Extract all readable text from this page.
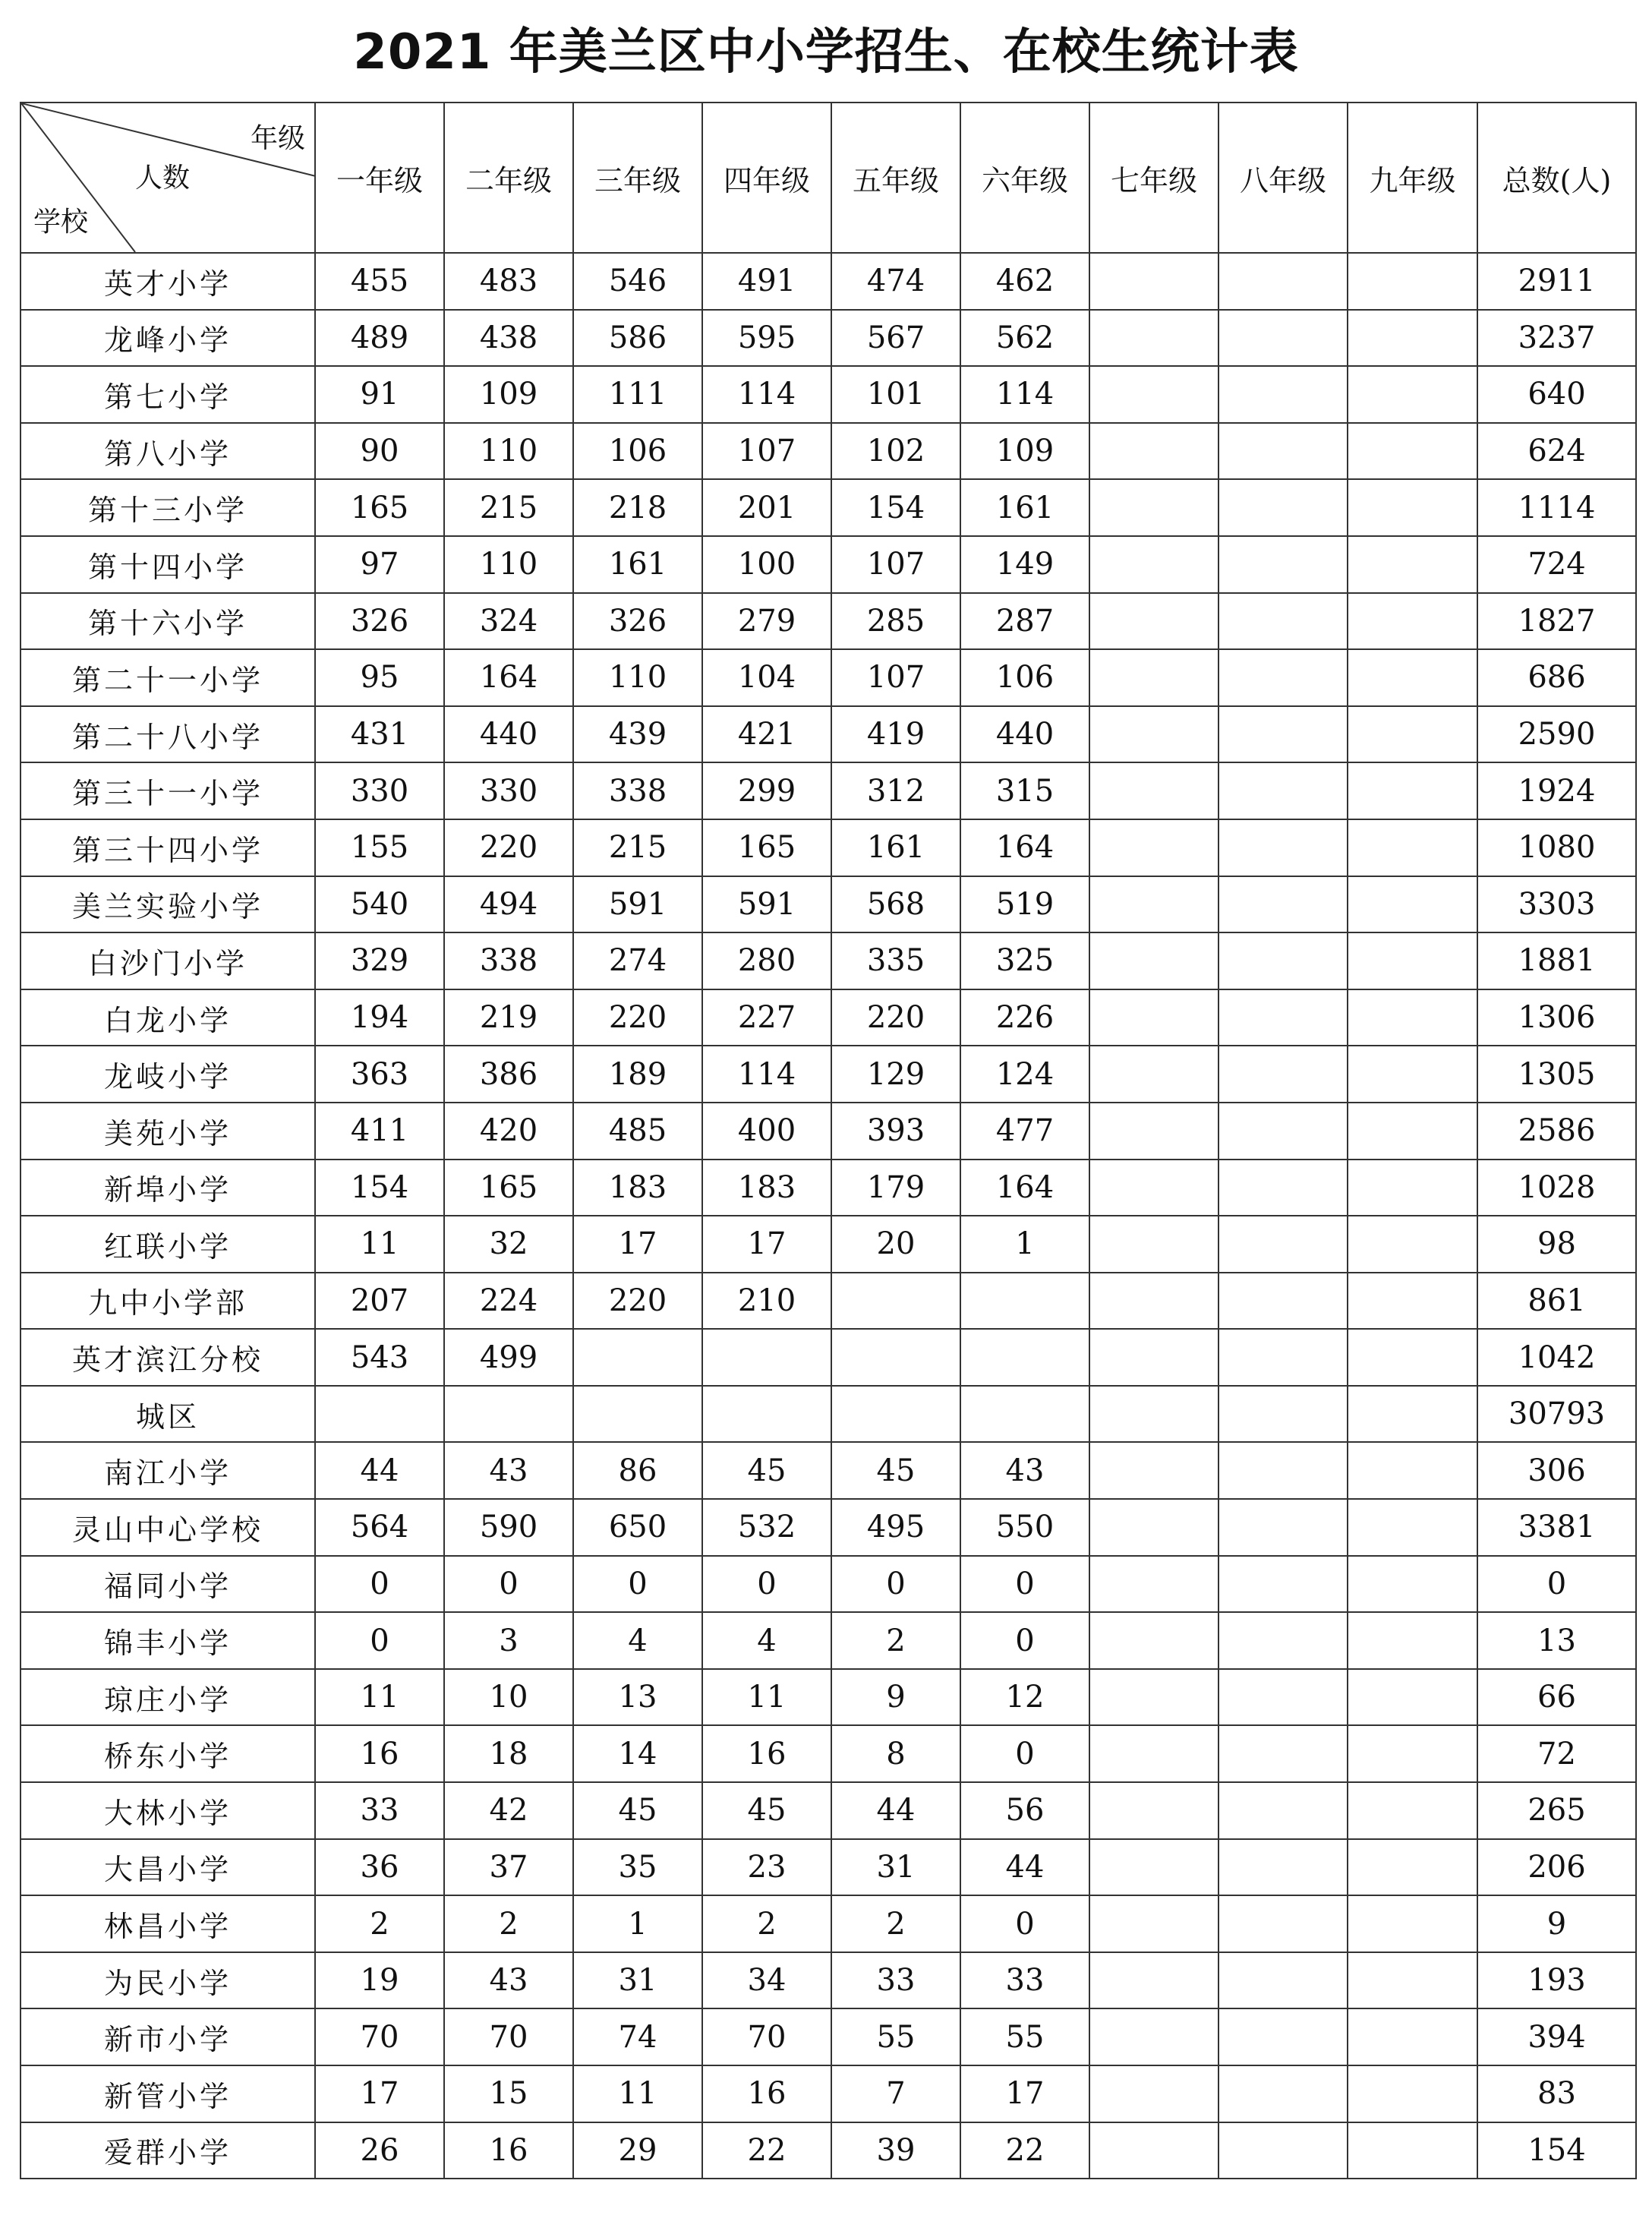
2021 年美兰区中小学招生、在校生统计表
年级
人数
学校	一年级	二年级	三年级	四年级	五年级	六年级	七年级	八年级	九年级	总数(人)
英才小学	455	483	546	491	474	462				2911
龙峰小学	489	438	586	595	567	562				3237
第七小学	91	109	111	114	101	114				640
第八小学	90	110	106	107	102	109				624
第十三小学	165	215	218	201	154	161				1114
第十四小学	97	110	161	100	107	149				724
第十六小学	326	324	326	279	285	287				1827
第二十一小学	95	164	110	104	107	106				686
第二十八小学	431	440	439	421	419	440				2590
第三十一小学	330	330	338	299	312	315				1924
第三十四小学	155	220	215	165	161	164				1080
美兰实验小学	540	494	591	591	568	519				3303
白沙门小学	329	338	274	280	335	325				1881
白龙小学	194	219	220	227	220	226				1306
龙岐小学	363	386	189	114	129	124				1305
美苑小学	411	420	485	400	393	477				2586
新埠小学	154	165	183	183	179	164				1028
红联小学	11	32	17	17	20	1				98
九中小学部	207	224	220	210						861
英才滨江分校	543	499								1042
城区										30793
南江小学	44	43	86	45	45	43				306
灵山中心学校	564	590	650	532	495	550				3381
福同小学	0	0	0	0	0	0				0
锦丰小学	0	3	4	4	2	0				13
琼庄小学	11	10	13	11	9	12				66
桥东小学	16	18	14	16	8	0				72
大林小学	33	42	45	45	44	56				265
大昌小学	36	37	35	23	31	44				206
林昌小学	2	2	1	2	2	0				9
为民小学	19	43	31	34	33	33				193
新市小学	70	70	74	70	55	55				394
新管小学	17	15	11	16	7	17				83
爱群小学	26	16	29	22	39	22				154
